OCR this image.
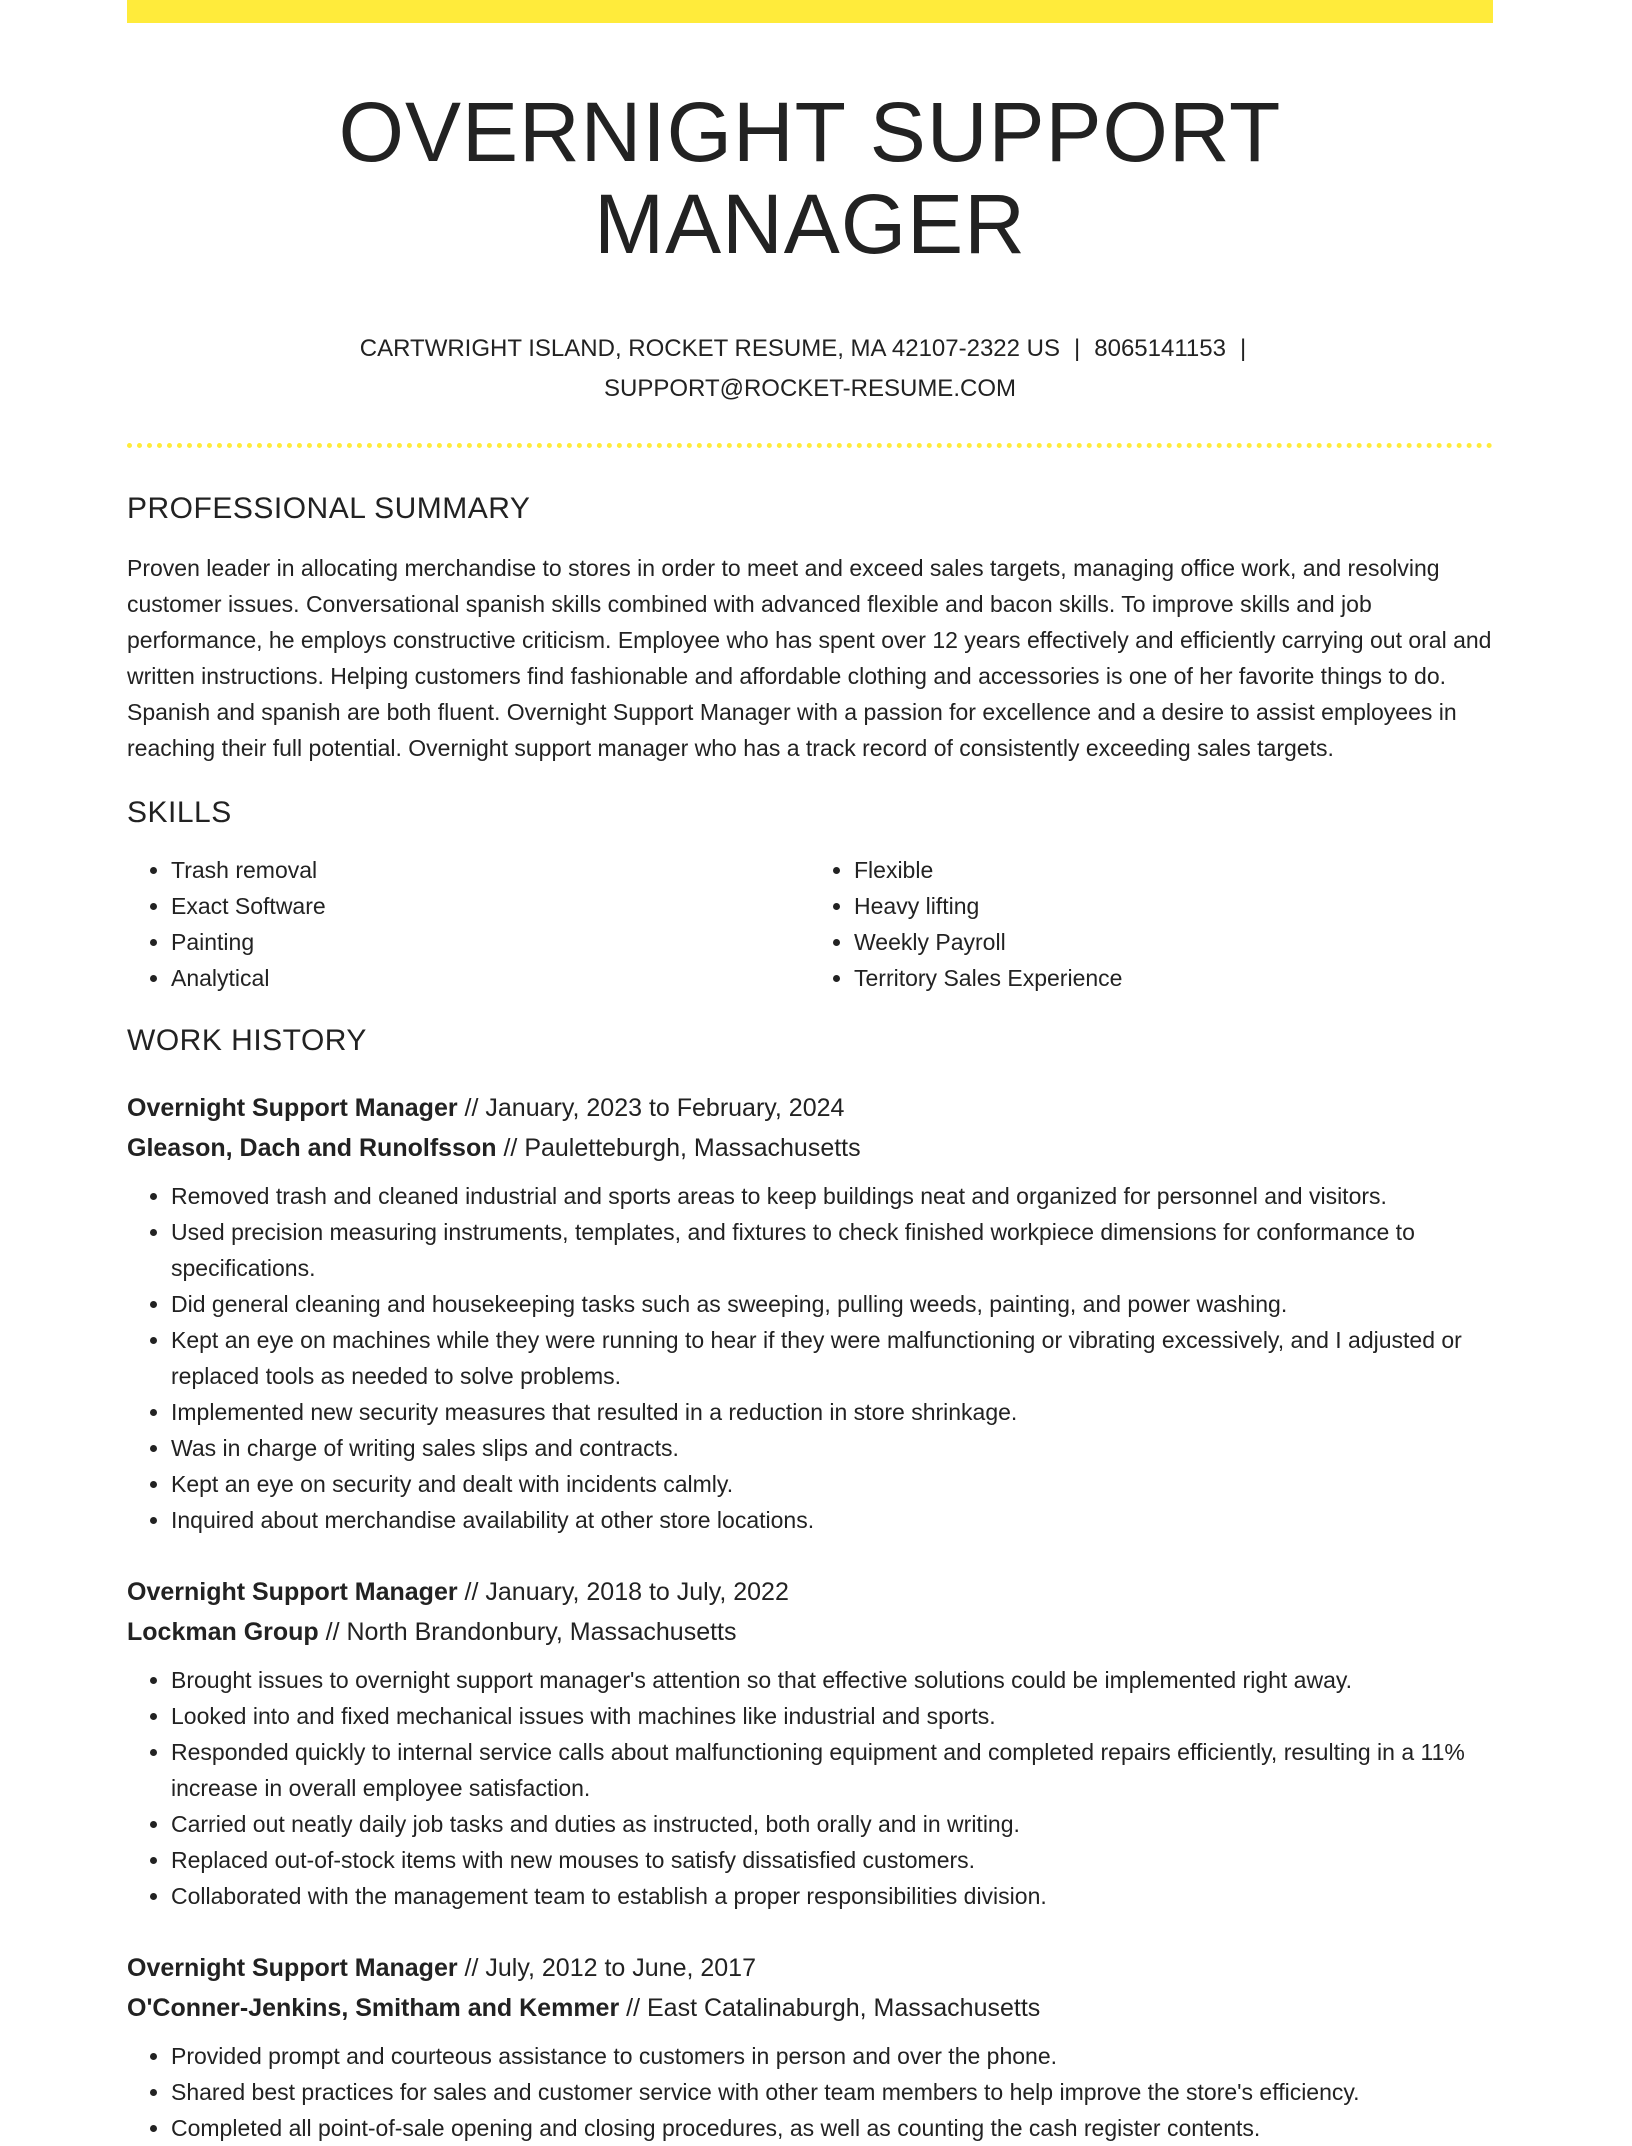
OVERNIGHT SUPPORT MANAGER
CARTWRIGHT ISLAND, ROCKET RESUME, MA 42107-2322 US | 8065141153 |
SUPPORT@ROCKET-RESUME.COM
PROFESSIONAL SUMMARY

Proven leader in allocating merchandise to stores in order to meet and exceed sales targets, managing office work, and resolving customer issues. Conversational spanish skills combined with advanced flexible and bacon skills. To improve skills and job performance, he employs constructive criticism. Employee who has spent over 12 years effectively and efficiently carrying out oral and written instructions. Helping customers find fashionable and affordable clothing and accessories is one of her favorite things to do. Spanish and spanish are both fluent. Overnight Support Manager with a passion for excellence and a desire to assist employees in reaching their full potential. Overnight support manager who has a track record of consistently exceeding sales targets.

SKILLS
• Trash removal
• Exact Software
• Painting
• Analytical
• Flexible
• Heavy lifting
• Weekly Payroll
• Territory Sales Experience
WORK HISTORY
Overnight Support Manager // January, 2023 to February, 2024
Gleason, Dach and Runolfsson // Pauletteburgh, Massachusetts
• Removed trash and cleaned industrial and sports areas to keep buildings neat and organized for personnel and visitors.
• Used precision measuring instruments, templates, and fixtures to check finished workpiece dimensions for conformance to specifications.
• Did general cleaning and housekeeping tasks such as sweeping, pulling weeds, painting, and power washing.
• Kept an eye on machines while they were running to hear if they were malfunctioning or vibrating excessively, and I adjusted or replaced tools as needed to solve problems.
• Implemented new security measures that resulted in a reduction in store shrinkage.
• Was in charge of writing sales slips and contracts.
• Kept an eye on security and dealt with incidents calmly.
• Inquired about merchandise availability at other store locations.
Overnight Support Manager // January, 2018 to July, 2022
Lockman Group // North Brandonbury, Massachusetts
• Brought issues to overnight support manager's attention so that effective solutions could be implemented right away.
• Looked into and fixed mechanical issues with machines like industrial and sports.
• Responded quickly to internal service calls about malfunctioning equipment and completed repairs efficiently, resulting in a 11% increase in overall employee satisfaction.
• Carried out neatly daily job tasks and duties as instructed, both orally and in writing.
• Replaced out-of-stock items with new mouses to satisfy dissatisfied customers.
• Collaborated with the management team to establish a proper responsibilities division.
Overnight Support Manager // July, 2012 to June, 2017
O'Conner-Jenkins, Smitham and Kemmer // East Catalinaburgh, Massachusetts
• Provided prompt and courteous assistance to customers in person and over the phone.
• Shared best practices for sales and customer service with other team members to help improve the store's efficiency.
• Completed all point-of-sale opening and closing procedures, as well as counting the cash register contents.
